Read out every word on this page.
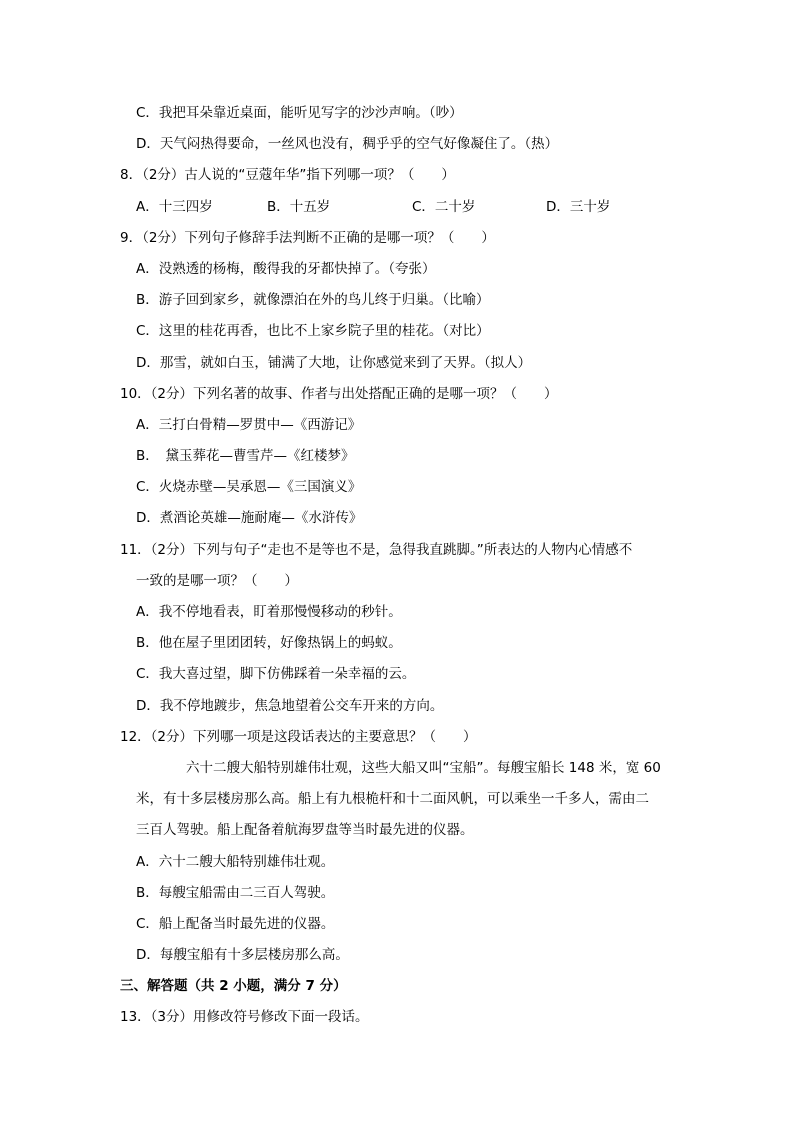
C．我把耳朵靠近桌面，能听见写字的沙沙声响。（吵）
D．天气闷热得要命，一丝风也没有，稠乎乎的空气好像凝住了。（热）
8．（2分）古人说的“豆蔻年华”指下列哪一项？（　　）
A．十三四岁	B．十五岁	C．二十岁	D．三十岁
9．（2分）下列句子修辞手法判断不正确的是哪一项？（　　）
A．没熟透的杨梅，酸得我的牙都快掉了。（夸张）
B．游子回到家乡，就像漂泊在外的鸟儿终于归巢。（比喻）
C．这里的桂花再香，也比不上家乡院子里的桂花。（对比）
D．那雪，就如白玉，铺满了大地，让你感觉来到了天界。（拟人）
10．（2分）下列名著的故事、作者与出处搭配正确的是哪一项？（　　）
A．三打白骨精—罗贯中—《西游记》
B．　黛玉葬花—曹雪芹—《红楼梦》
C．火烧赤壁—吴承恩—《三国演义》
D．煮酒论英雄—施耐庵—《水浒传》
11．（2分）下列与句子“走也不是等也不是，急得我直跳脚。”所表达的人物内心情感不
一致的是哪一项？（　　）
A．我不停地看表，盯着那慢慢移动的秒针。
B．他在屋子里团团转，好像热锅上的蚂蚁。
C．我大喜过望，脚下仿佛踩着一朵幸福的云。
D．我不停地踱步，焦急地望着公交车开来的方向。
12．（2分）下列哪一项是这段话表达的主要意思？（　　）
六十二艘大船特别雄伟壮观，这些大船又叫“宝船”。每艘宝船长 148 米，宽 60
米，有十多层楼房那么高。船上有九根桅杆和十二面风帆，可以乘坐一千多人，需由二
三百人驾驶。船上配备着航海罗盘等当时最先进的仪器。
A．六十二艘大船特别雄伟壮观。
B．每艘宝船需由二三百人驾驶。
C．船上配备当时最先进的仪器。
D．每艘宝船有十多层楼房那么高。
三、解答题（共 2 小题，满分 7 分）
13．（3分）用修改符号修改下面一段话。
